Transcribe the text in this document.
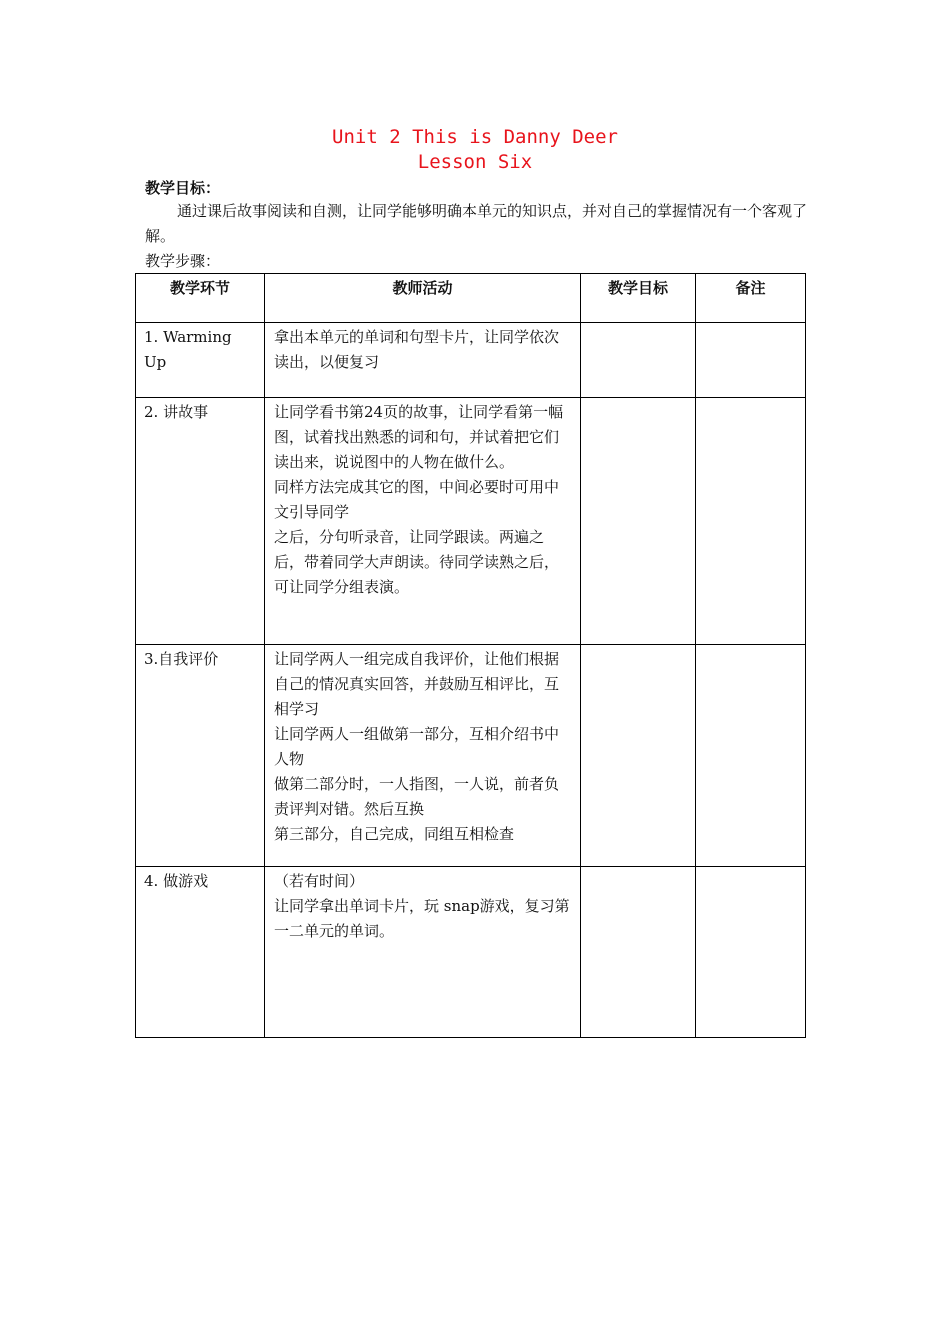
Unit 2 This is Danny Deer
Lesson Six
教学目标：
通过课后故事阅读和自测，让同学能够明确本单元的知识点，并对自己的掌握情况有一个客观了解。
教学步骤：
教学环节	教师活动	教学目标	备注

1. Warming Up	拿出本单元的单词和句型卡片，让同学依次读出，以便复习		

2. 讲故事	让同学看书第24页的故事，让同学看第一幅图，试着找出熟悉的词和句，并试着把它们读出来，说说图中的人物在做什么。
同样方法完成其它的图，中间必要时可用中文引导同学
之后，分句听录音，让同学跟读。两遍之后，带着同学大声朗读。待同学读熟之后，可让同学分组表演。		

3.自我评价	让同学两人一组完成自我评价，让他们根据自己的情况真实回答，并鼓励互相评比，互相学习
让同学两人一组做第一部分，互相介绍书中人物
做第二部分时，一人指图，一人说，前者负责评判对错。然后互换
第三部分，自己完成，同组互相检查		

4. 做游戏	（若有时间）
让同学拿出单词卡片，玩 snap游戏，复习第一二单元的单词。		
